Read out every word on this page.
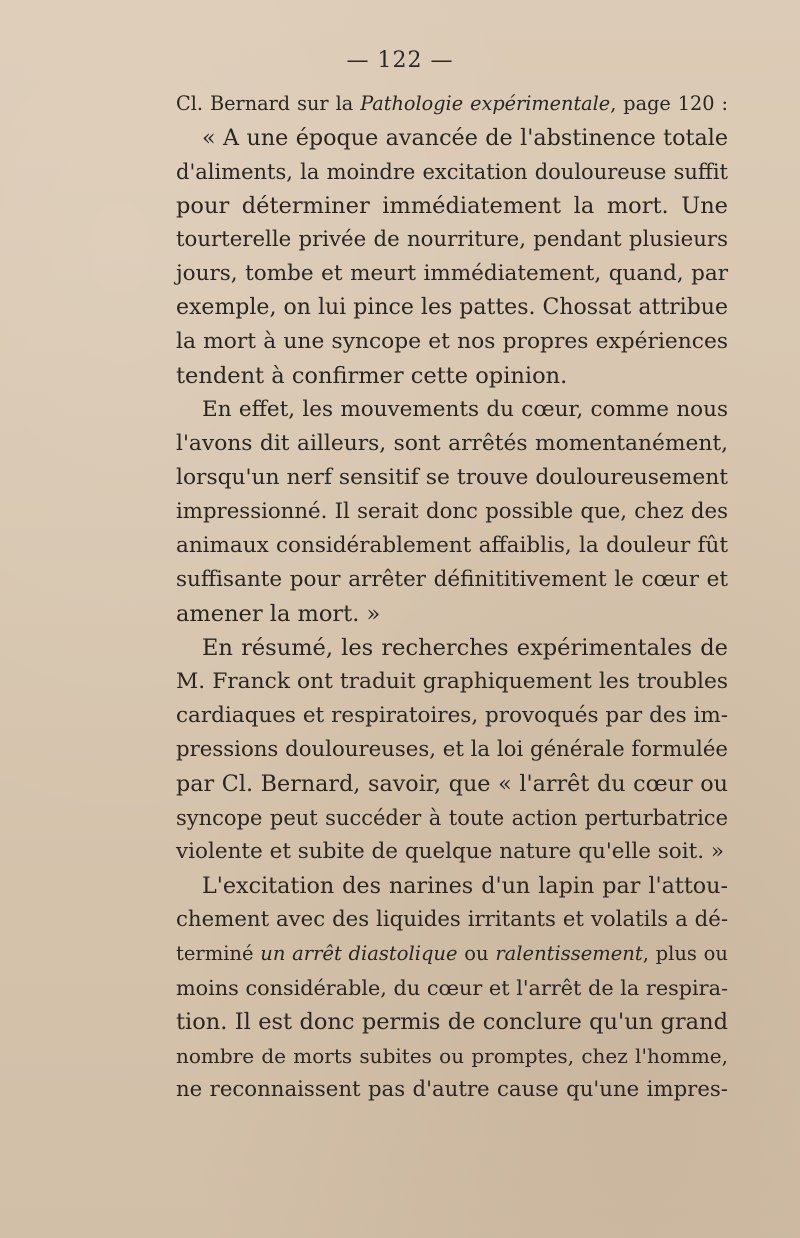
— 122 —
Cl. Bernard sur la Pathologie expérimentale, page 120 :
« A une époque avancée de l'abstinence totale
d'aliments, la moindre excitation douloureuse suffit
pour déterminer immédiatement la mort. Une
tourterelle privée de nourriture, pendant plusieurs
jours, tombe et meurt immédiatement, quand, par
exemple, on lui pince les pattes. Chossat attribue
la mort à une syncope et nos propres expériences
tendent à confirmer cette opinion.
En effet, les mouvements du cœur, comme nous
l'avons dit ailleurs, sont arrêtés momentanément,
lorsqu'un nerf sensitif se trouve douloureusement
impressionné. Il serait donc possible que, chez des
animaux considérablement affaiblis, la douleur fût
suffisante pour arrêter définititivement le cœur et
amener la mort. »
En résumé, les recherches expérimentales de
M. Franck ont traduit graphiquement les troubles
cardiaques et respiratoires, provoqués par des im-
pressions douloureuses, et la loi générale formulée
par Cl. Bernard, savoir, que « l'arrêt du cœur ou
syncope peut succéder à toute action perturbatrice
violente et subite de quelque nature qu'elle soit. »
L'excitation des narines d'un lapin par l'attou-
chement avec des liquides irritants et volatils a dé-
terminé un arrêt diastolique ou ralentissement, plus ou
moins considérable, du cœur et l'arrêt de la respira-
tion. Il est donc permis de conclure qu'un grand
nombre de morts subites ou promptes, chez l'homme,
ne reconnaissent pas d'autre cause qu'une impres-
